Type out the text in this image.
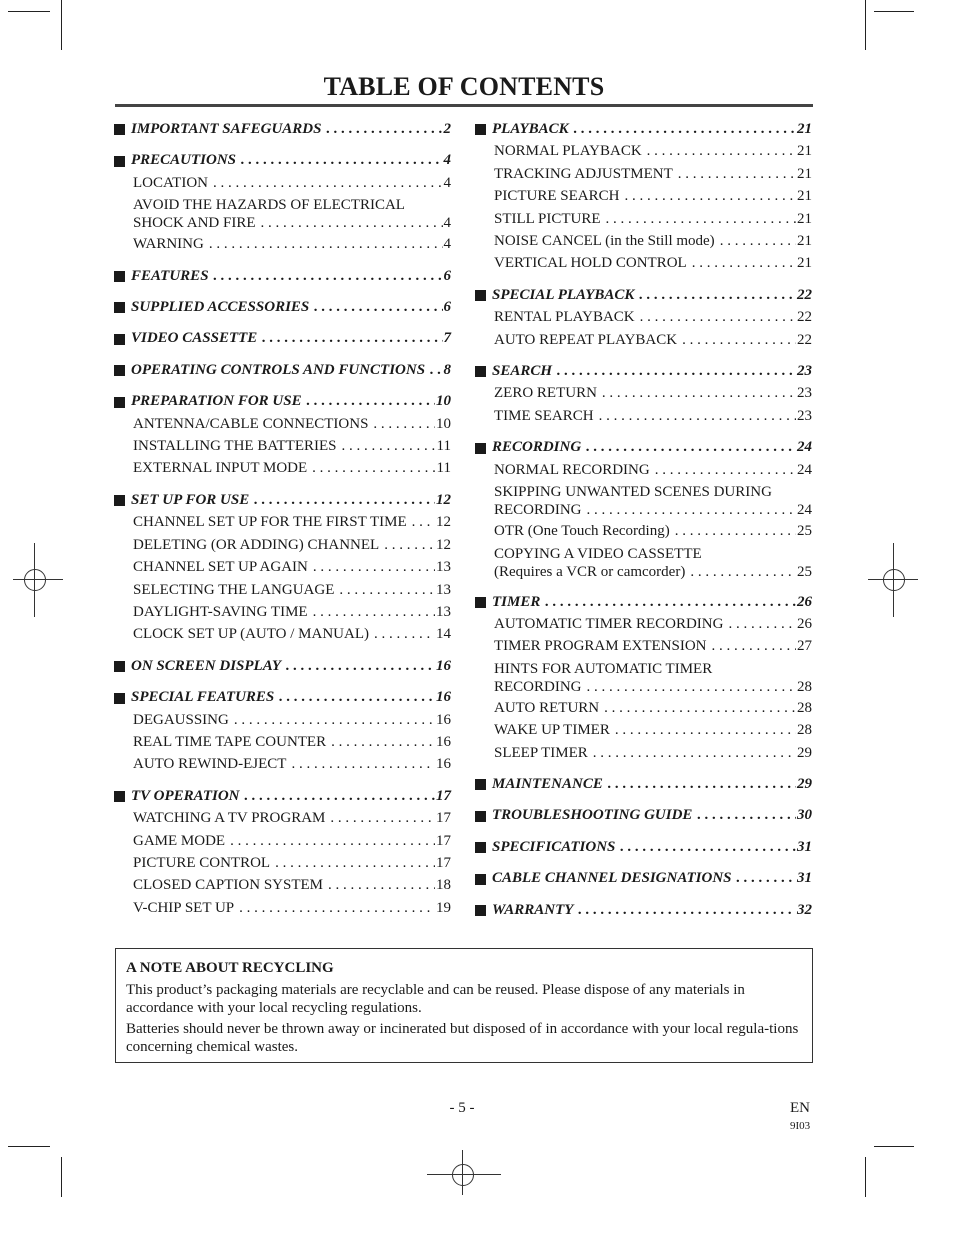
TABLE OF CONTENTS
IMPORTANT SAFEGUARDS . . .	2
PRECAUTIONS . . .	4
LOCATION . . .	4
AVOID THE HAZARDS OF ELECTRICAL
SHOCK AND FIRE . . .	4
WARNING . . .	4
FEATURES . . .	6
SUPPLIED ACCESSORIES . . .	6
VIDEO CASSETTE . . .	7
OPERATING CONTROLS AND FUNCTIONS . . . 8
PREPARATION FOR USE . . .	10
ANTENNA/CABLE CONNECTIONS . . .	10
INSTALLING THE BATTERIES . . .	11
EXTERNAL INPUT MODE . . .	11
SET UP FOR USE . . .	12
CHANNEL SET UP FOR THE FIRST TIME . . . 12
DELETING (OR ADDING) CHANNEL . . .	12
CHANNEL SET UP AGAIN . . .	13
SELECTING THE LANGUAGE . . .	13
DAYLIGHT-SAVING TIME . . .	13
CLOCK SET UP (AUTO / MANUAL) . . .	14
ON SCREEN DISPLAY . . .	16
SPECIAL FEATURES . . .	16
DEGAUSSING . . .	16
REAL TIME TAPE COUNTER . . .	16
AUTO REWIND-EJECT . . .	16
TV OPERATION . . .	17
WATCHING A TV PROGRAM . . .	17
GAME MODE . . .	17
PICTURE CONTROL . . .	17
CLOSED CAPTION SYSTEM . . .	18
V-CHIP SET UP . . .	19
PLAYBACK . . .	21
NORMAL PLAYBACK . . .	21
TRACKING ADJUSTMENT . . .	21
PICTURE SEARCH . . .	21
STILL PICTURE . . .	21
NOISE CANCEL (in the Still mode) . . .	21
VERTICAL HOLD CONTROL . . .	21
SPECIAL PLAYBACK . . .	22
RENTAL PLAYBACK . . .	22
AUTO REPEAT PLAYBACK . . .	22
SEARCH . . .	23
ZERO RETURN . . .	23
TIME SEARCH . . .	23
RECORDING . . .	24
NORMAL RECORDING . . .	24
SKIPPING UNWANTED SCENES DURING
RECORDING . . .	24
OTR (One Touch Recording) . . .	25
COPYING A VIDEO CASSETTE
(Requires a VCR or camcorder) . . .	25
TIMER . . .	26
AUTOMATIC TIMER RECORDING . . .	26
TIMER PROGRAM EXTENSION . . .	27
HINTS FOR AUTOMATIC TIMER
RECORDING . . .	28
AUTO RETURN . . .	28
WAKE UP TIMER . . .	28
SLEEP TIMER . . .	29
MAINTENANCE . . .	29
TROUBLESHOOTING GUIDE . . .	30
SPECIFICATIONS . . .	31
CABLE CHANNEL DESIGNATIONS . . .	31
WARRANTY . . .	32
A NOTE ABOUT RECYCLING

This product’s packaging materials are recyclable and can be reused. Please dispose of any materials in accordance with your local recycling regulations.

Batteries should never be thrown away or incinerated but disposed of in accordance with your local regula-tions concerning chemical wastes.

- 5 -	EN
9I03
